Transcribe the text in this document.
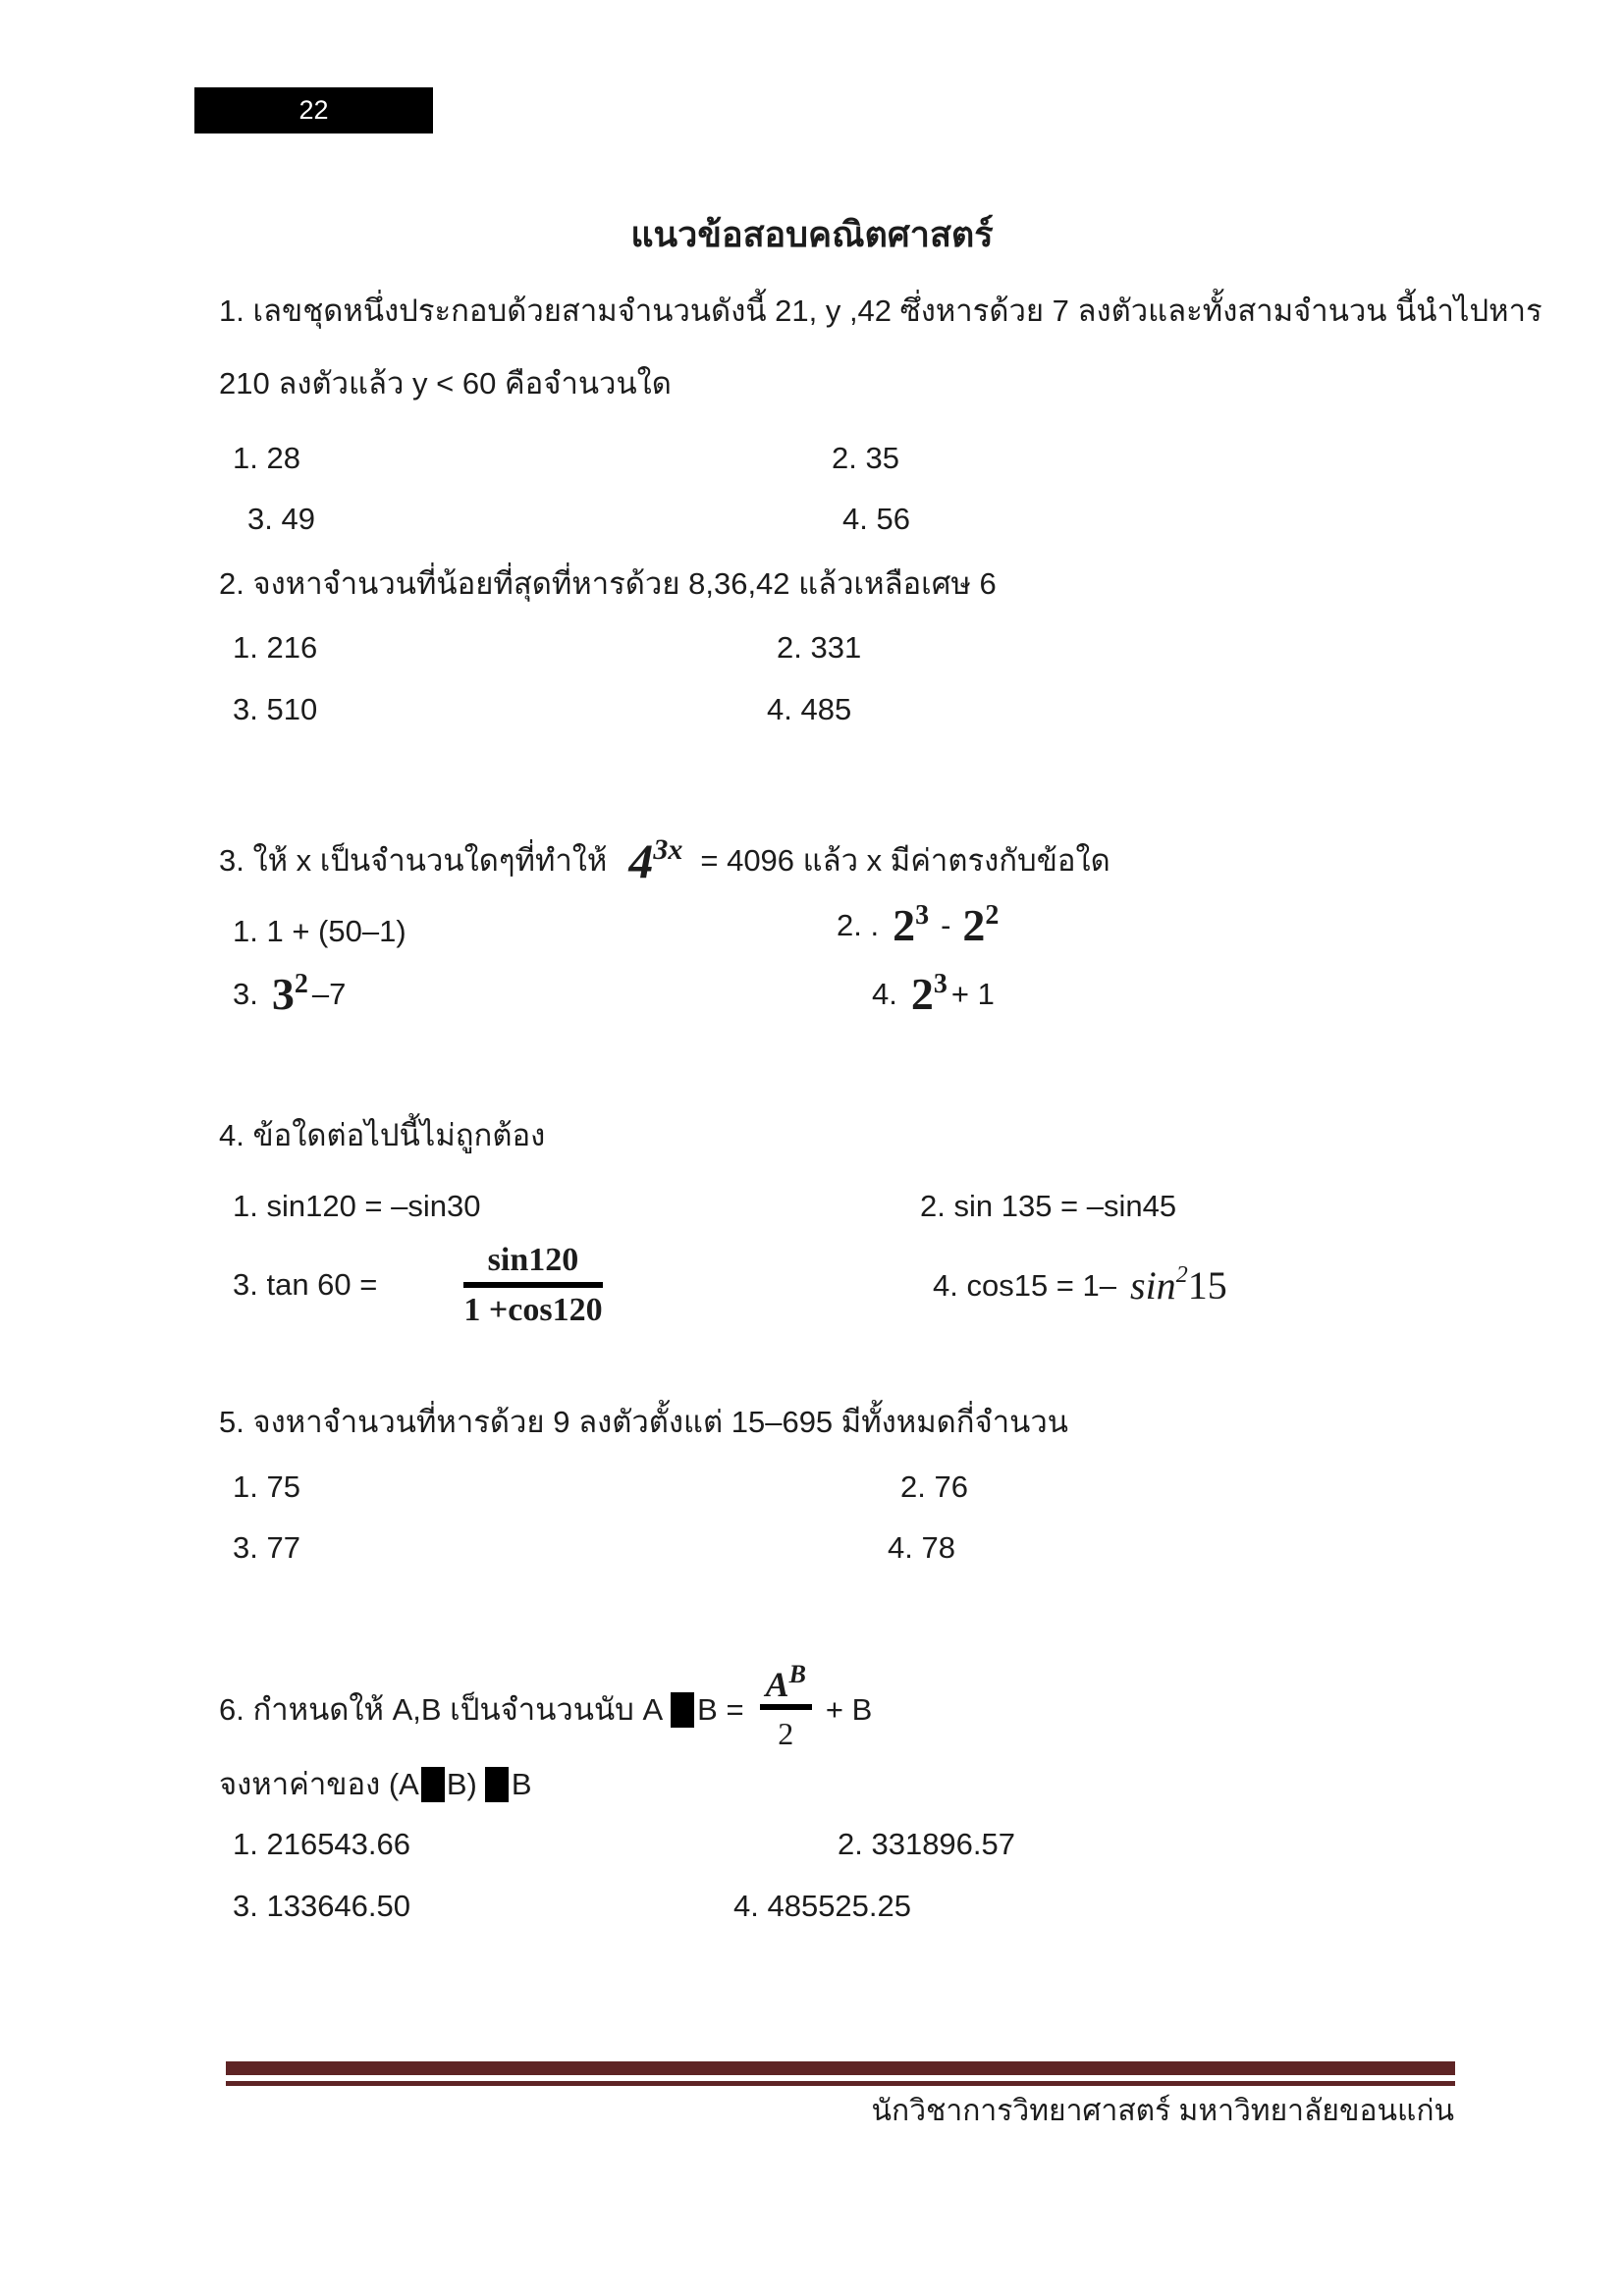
22
แนวข้อสอบคณิตศาสตร์
1. เลขชุดหนึ่งประกอบด้วยสามจำนวนดังนี้ 21, y ,42 ซึ่งหารด้วย 7 ลงตัวและทั้งสามจำนวน นี้นำไปหาร
210 ลงตัวแล้ว y < 60 คือจำนวนใด
1. 28	2. 35
3. 49	4. 56
2. จงหาจำนวนที่น้อยที่สุดที่หารด้วย 8,36,42 แล้วเหลือเศษ 6
1. 216	2. 331
3. 510	4. 485
3. ให้ x เป็นจำนวนใดๆที่ทำให้ $4^{3x} = 4096$ แล้ว x มีค่าตรงกับข้อใด
1. 1 + (50–1)	2. . $2^3 - 2^2$
3. $3^2$ –7	4. $2^3 + 1$
4. ข้อใดต่อไปนี้ไม่ถูกต้อง
1. sin120 = –sin30	2. sin 135 = –sin45
3. tan 60 =	$\frac{\sin 120}{1 +\cos 120}$	4. cos15 = 1– $\sin^215$
5. จงหาจำนวนที่หารด้วย 9 ลงตัวตั้งแต่ 15–695 มีทั้งหมดกี่จำนวน
1. 75	2. 76
3. 77	4. 78
6. กำหนดให้ A,B เป็นจำนวนนับ A $B = \frac{A^B}{2} + B$
จงหาค่าของ (A B) B
1. 216543.66	2. 331896.57
3. 133646.50	4. 485525.25
นักวิชาการวิทยาศาสตร์ มหาวิทยาลัยขอนแก่น
